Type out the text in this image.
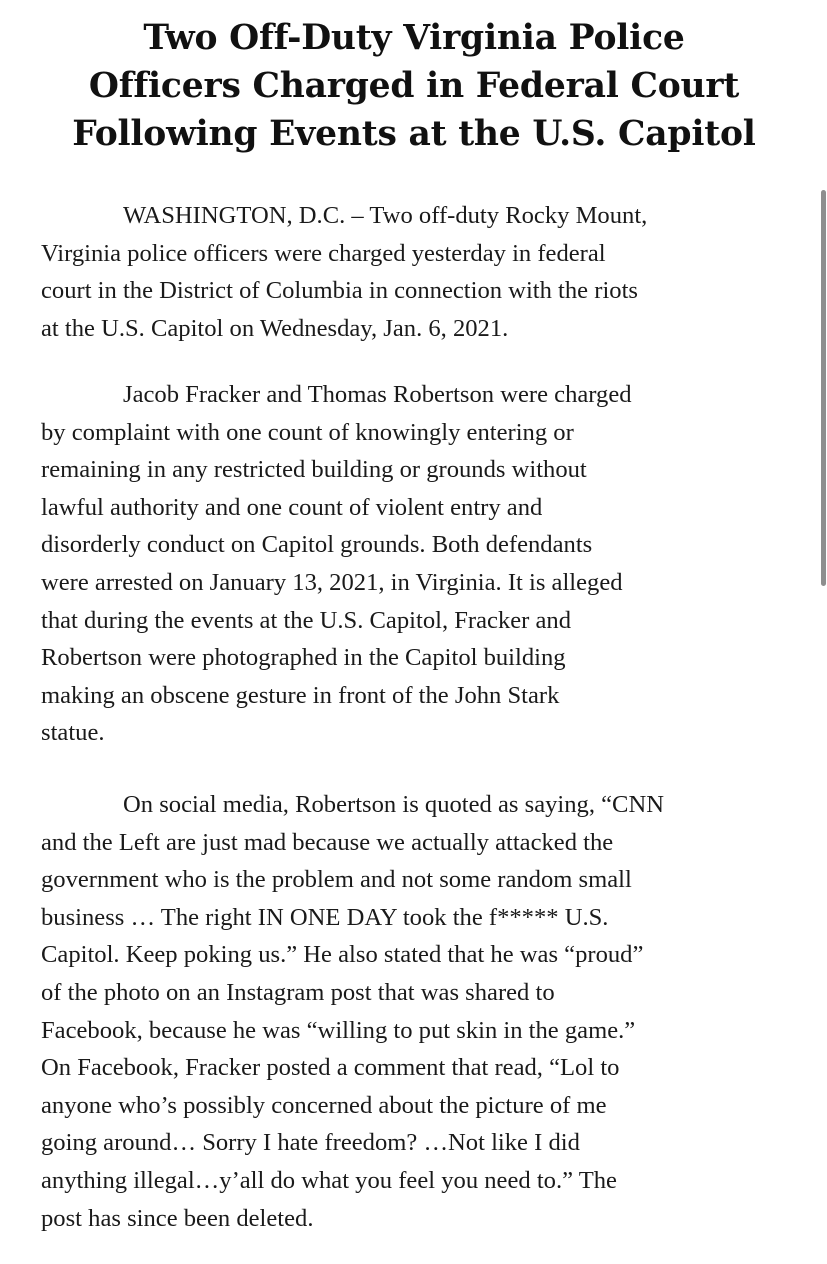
Two Off-Duty Virginia Police
Officers Charged in Federal Court
Following Events at the U.S. Capitol

WASHINGTON, D.C. – Two off-duty Rocky Mount,
Virginia police officers were charged yesterday in federal
court in the District of Columbia in connection with the riots
at the U.S. Capitol on Wednesday, Jan. 6, 2021.

Jacob Fracker and Thomas Robertson were charged
by complaint with one count of knowingly entering or
remaining in any restricted building or grounds without
lawful authority and one count of violent entry and
disorderly conduct on Capitol grounds. Both defendants
were arrested on January 13, 2021, in Virginia. It is alleged
that during the events at the U.S. Capitol, Fracker and
Robertson were photographed in the Capitol building
making an obscene gesture in front of the John Stark
statue.

On social media, Robertson is quoted as saying, “CNN
and the Left are just mad because we actually attacked the
government who is the problem and not some random small
business … The right IN ONE DAY took the f***** U.S.
Capitol. Keep poking us.” He also stated that he was “proud”
of the photo on an Instagram post that was shared to
Facebook, because he was “willing to put skin in the game.”
On Facebook, Fracker posted a comment that read, “Lol to
anyone who’s possibly concerned about the picture of me
going around… Sorry I hate freedom? …Not like I did
anything illegal…y’all do what you feel you need to.” The
post has since been deleted.
